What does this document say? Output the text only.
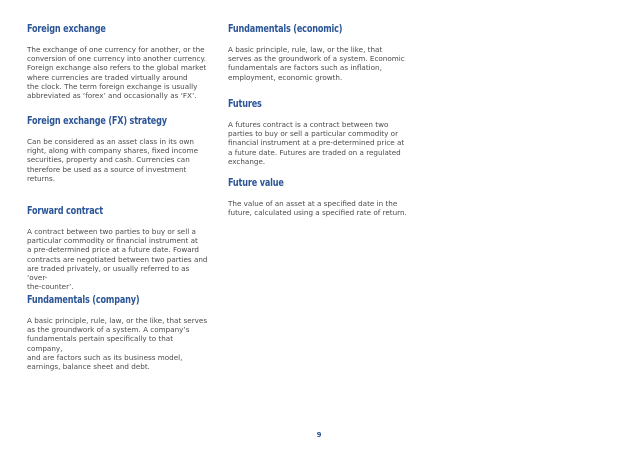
Foreign exchange

The exchange of one currency for another, or the
conversion of one currency into another currency.
Foreign exchange also refers to the global market
where currencies are traded virtually around
the clock. The term foreign exchange is usually
abbreviated as ‘forex’ and occasionally as ‘FX’.

Foreign exchange (FX) strategy

Can be considered as an asset class in its own
right, along with company shares, fixed income
securities, property and cash. Currencies can
therefore be used as a source of investment
returns.

Forward contract

A contract between two parties to buy or sell a
particular commodity or financial instrument at
a pre-determined price at a future date. Foward
contracts are negotiated between two parties and
are traded privately, or usually referred to as ‘over-
the-counter’.

Fundamentals (company)

A basic principle, rule, law, or the like, that serves
as the groundwork of a system. A company’s
fundamentals pertain specifically to that company,
and are factors such as its business model,
earnings, balance sheet and debt.

Fundamentals (economic)

A basic principle, rule, law, or the like, that
serves as the groundwork of a system. Economic
fundamentals are factors such as inflation,
employment, economic growth.

Futures

A futures contract is a contract between two
parties to buy or sell a particular commodity or
financial instrument at a pre-determined price at
a future date. Futures are traded on a regulated
exchange.

Future value

The value of an asset at a specified date in the
future, calculated using a specified rate of return.

9
